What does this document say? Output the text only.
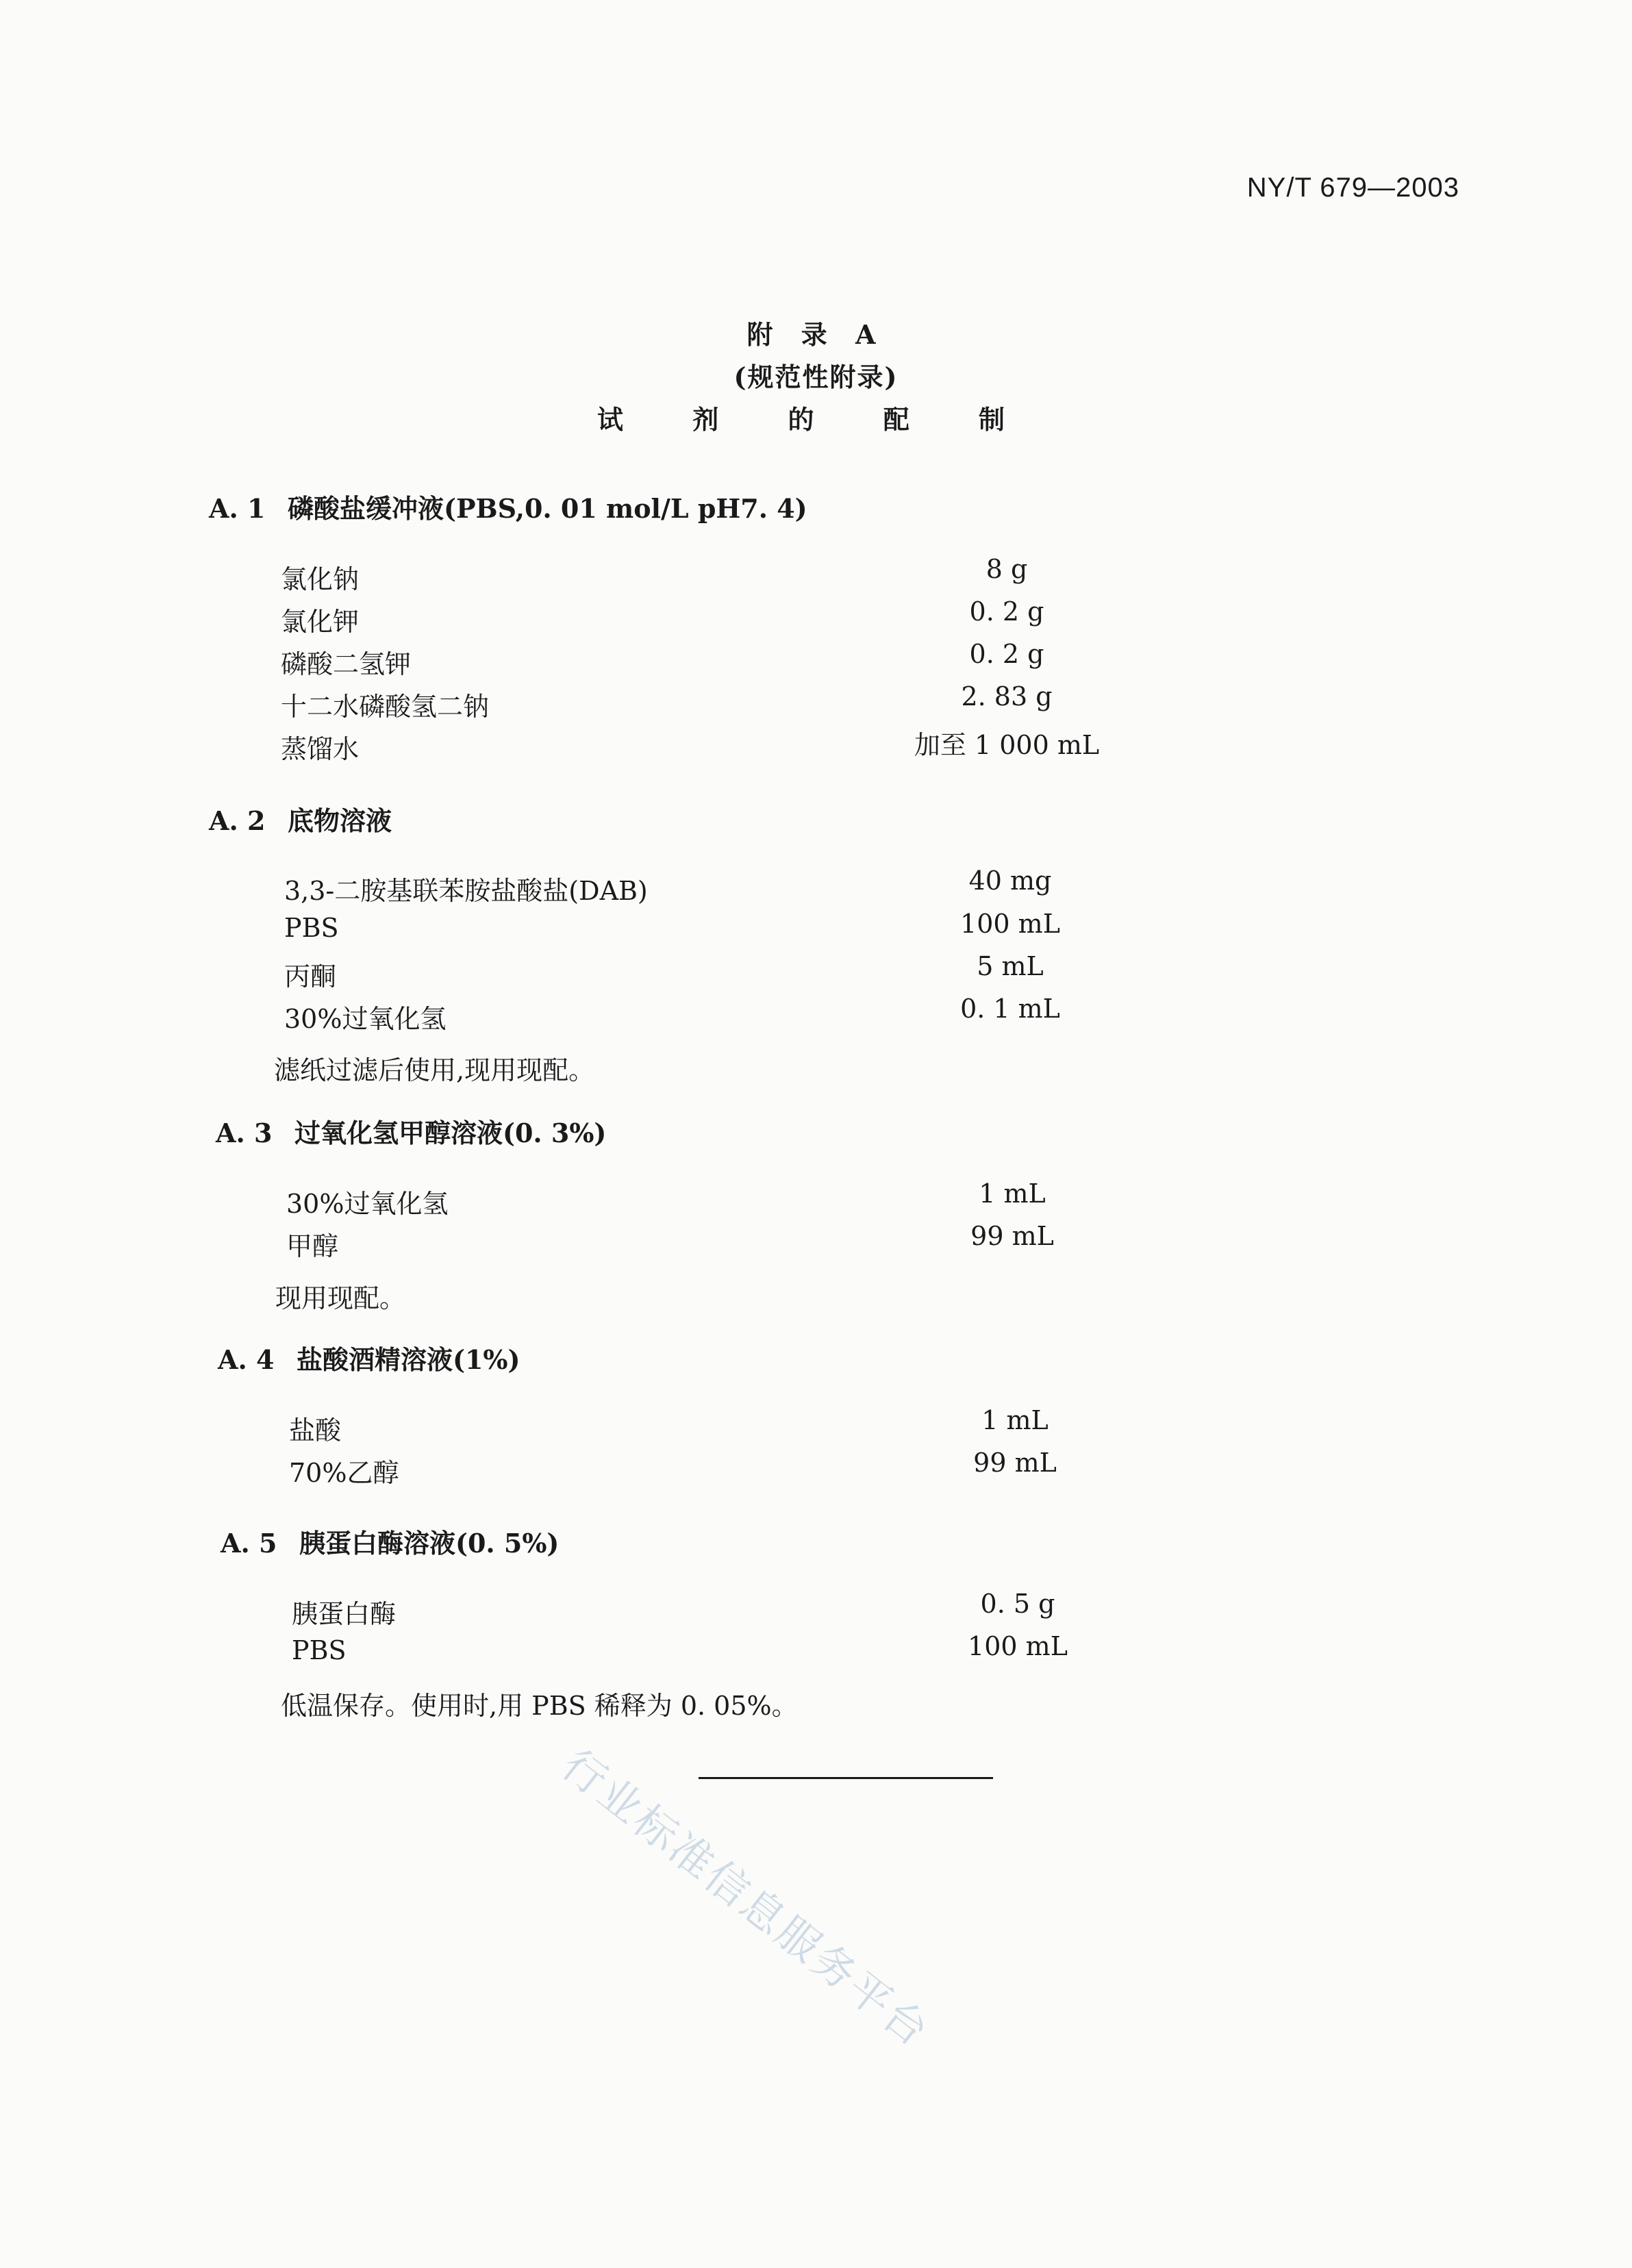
NY/T 679—2003
附 录 A
(规范性附录)
试 剂 的 配 制
A. 1 磷酸盐缓冲液(PBS,0. 01 mol/L pH7. 4)
氯化钠	8 g
氯化钾	0. 2 g
磷酸二氢钾	0. 2 g
十二水磷酸氢二钠	2. 83 g
蒸馏水	加至 1 000 mL
A. 2 底物溶液
3,3-二胺基联苯胺盐酸盐(DAB)	40 mg
PBS	100 mL
丙酮	5 mL
30%过氧化氢	0. 1 mL
滤纸过滤后使用,现用现配。
A. 3 过氧化氢甲醇溶液(0. 3%)
30%过氧化氢	1 mL
甲醇	99 mL
现用现配。
A. 4 盐酸酒精溶液(1%)
盐酸	1 mL
70%乙醇	99 mL
A. 5 胰蛋白酶溶液(0. 5%)
胰蛋白酶	0. 5 g
PBS	100 mL
低温保存。使用时,用 PBS 稀释为 0. 05%。
行业标准信息服务平台
